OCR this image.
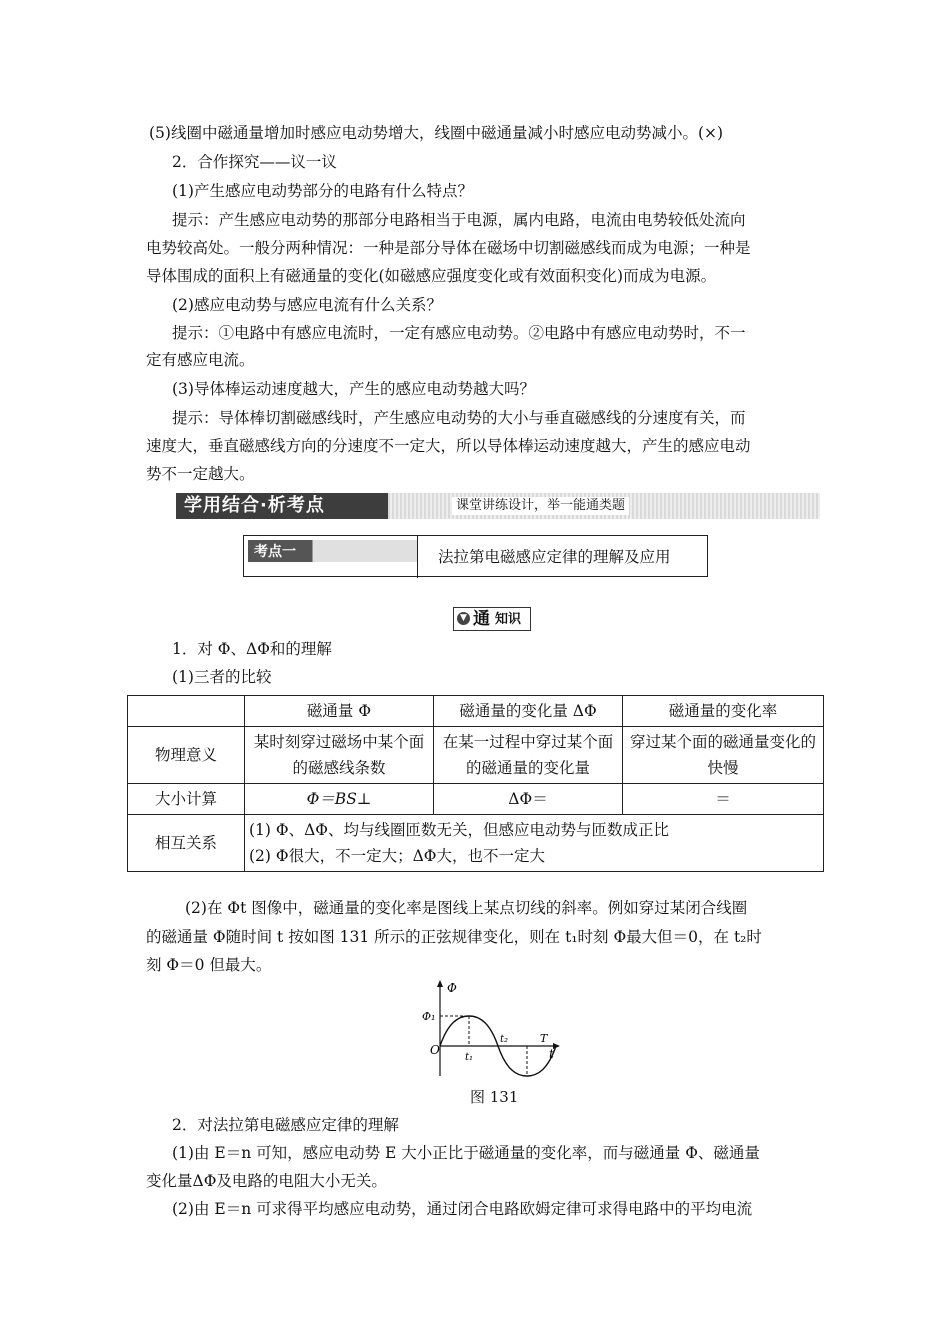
(5)线圈中磁通量增加时感应电动势增大，线圈中磁通量减小时感应电动势减小。(×)
2．合作探究——议一议
(1)产生感应电动势部分的电路有什么特点？
提示：产生感应电动势的那部分电路相当于电源，属内电路，电流由电势较低处流向
电势较高处。一般分两种情况：一种是部分导体在磁场中切割磁感线而成为电源；一种是
导体围成的面积上有磁通量的变化(如磁感应强度变化或有效面积变化)而成为电源。
(2)感应电动势与感应电流有什么关系？
提示：①电路中有感应电流时，一定有感应电动势。②电路中有感应电动势时，不一
定有感应电流。
(3)导体棒运动速度越大，产生的感应电动势越大吗？
提示：导体棒切割磁感线时，产生感应电动势的大小与垂直磁感线的分速度有关，而
速度大，垂直磁感线方向的分速度不一定大，所以导体棒运动速度越大，产生的感应电动
势不一定越大。
学用结合·析考点	课堂讲练设计，举一能通类题
考点一	法拉第电磁感应定律的理解及应用
▼ 通 知识
1．对 Φ、ΔΦ和的理解
(1)三者的比较
	磁通量 Φ	磁通量的变化量 ΔΦ	磁通量的变化率
物理意义	某时刻穿过磁场中某个面的磁感线条数	在某一过程中穿过某个面的磁通量的变化量	穿过某个面的磁通量变化的快慢
大小计算	Φ＝BS⊥	ΔΦ＝	＝
相互关系	(1) Φ、ΔΦ、均与线圈匝数无关，但感应电动势与匝数成正比
(2) Φ很大，不一定大；ΔΦ大，也不一定大		
(2)在 Φt 图像中，磁通量的变化率是图线上某点切线的斜率。例如穿过某闭合线圈
的磁通量 Φ随时间 t 按如图 131 所示的正弦规律变化，则在 t₁时刻 Φ最大但＝0，在 t₂时
刻 Φ＝0 但最大。
Φ
Φ₁
O
t₁
t₂	T
t
图 131
2．对法拉第电磁感应定律的理解
(1)由 E＝n 可知，感应电动势 E 大小正比于磁通量的变化率，而与磁通量 Φ、磁通量
变化量ΔΦ及电路的电阻大小无关。
(2)由 E＝n 可求得平均感应电动势，通过闭合电路欧姆定律可求得电路中的平均电流
